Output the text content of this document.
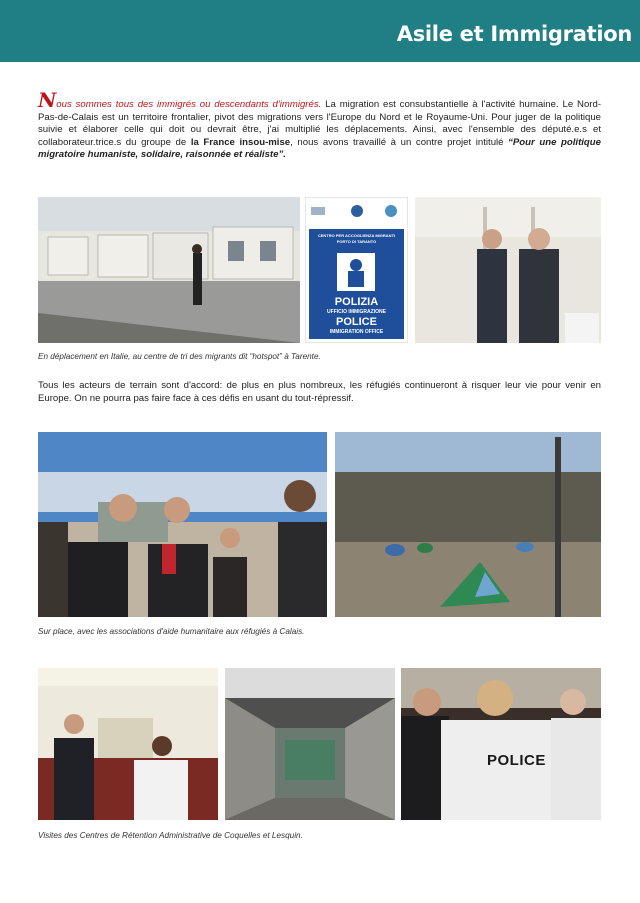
Asile et Immigration
Nous sommes tous des immigrés ou descendants d'immigrés. La migration est consubstantielle à l'activité humaine. Le Nord-Pas-de-Calais est un territoire frontalier, pivot des migrations vers l'Europe du Nord et le Royaume-Uni. Pour juger de la politique suivie et élaborer celle qui doit ou devrait être, j'ai multiplié les déplacements. Ainsi, avec l'ensemble des député.e.s et collaborateur.trice.s du groupe de la France insou-mise, nous avons travaillé à un contre projet intitulé “Pour une politique migratoire humaniste, solidaire, raisonnée et réaliste”.
CENTRO PER ACCOGLIENZA MIGRANTI
PORTO DI TARANTO
POLIZIA
UFFICIO IMMIGRAZIONE
POLICE
IMMIGRATION OFFICE
En déplacement en Italie, au centre de tri des migrants dit “hotspot” à Tarente.
Tous les acteurs de terrain sont d'accord: de plus en plus nombreux, les réfugiés continueront à risquer leur vie pour venir en Europe. On ne pourra pas faire face à ces défis en usant du tout-répressif.
Sur place, avec les associations d'aide humanitaire aux réfugiés à Calais.
POLICE
Visites des Centres de Rétention Administrative de Coquelles et Lesquin.
